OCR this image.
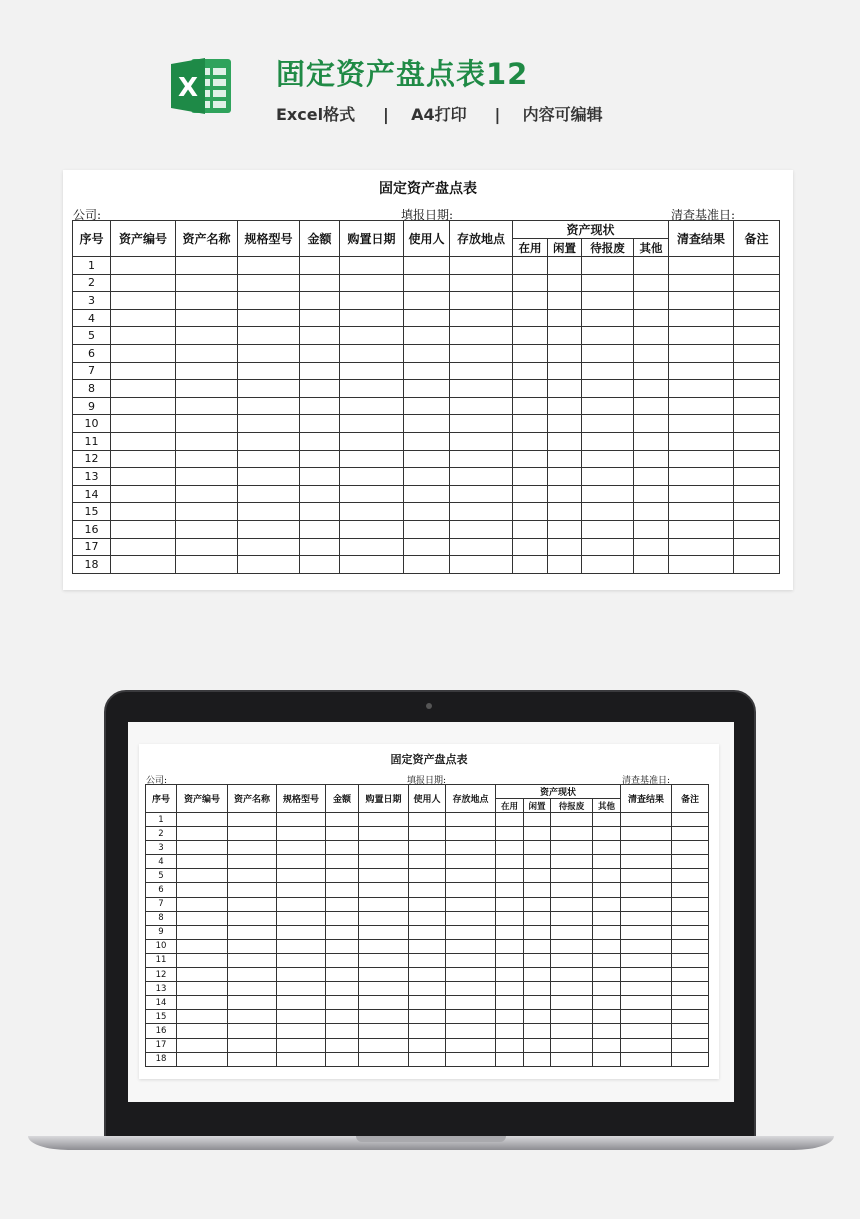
X	固定资产盘点表12
Excel格式 | A4打印 | 内容可编辑
固定资产盘点表
公司:	填报日期:	清查基准日:
序号	资产编号	资产名称	规格型号	金额	购置日期	使用人	存放地点	资产现状				清查结果	备注
								在用	闲置	待报废	其他		
1													
2													
3													
4													
5													
6													
7													
8													
9													
10													
11													
12													
13													
14													
15													
16													
17													
18													
固定资产盘点表
公司:	填报日期:	清查基准日:
序号	资产编号	资产名称	规格型号	金额	购置日期	使用人	存放地点	资产现状				清查结果	备注
								在用	闲置	待报废	其他		
1													
2													
3													
4													
5													
6													
7													
8													
9													
10													
11													
12													
13													
14													
15													
16													
17													
18													
